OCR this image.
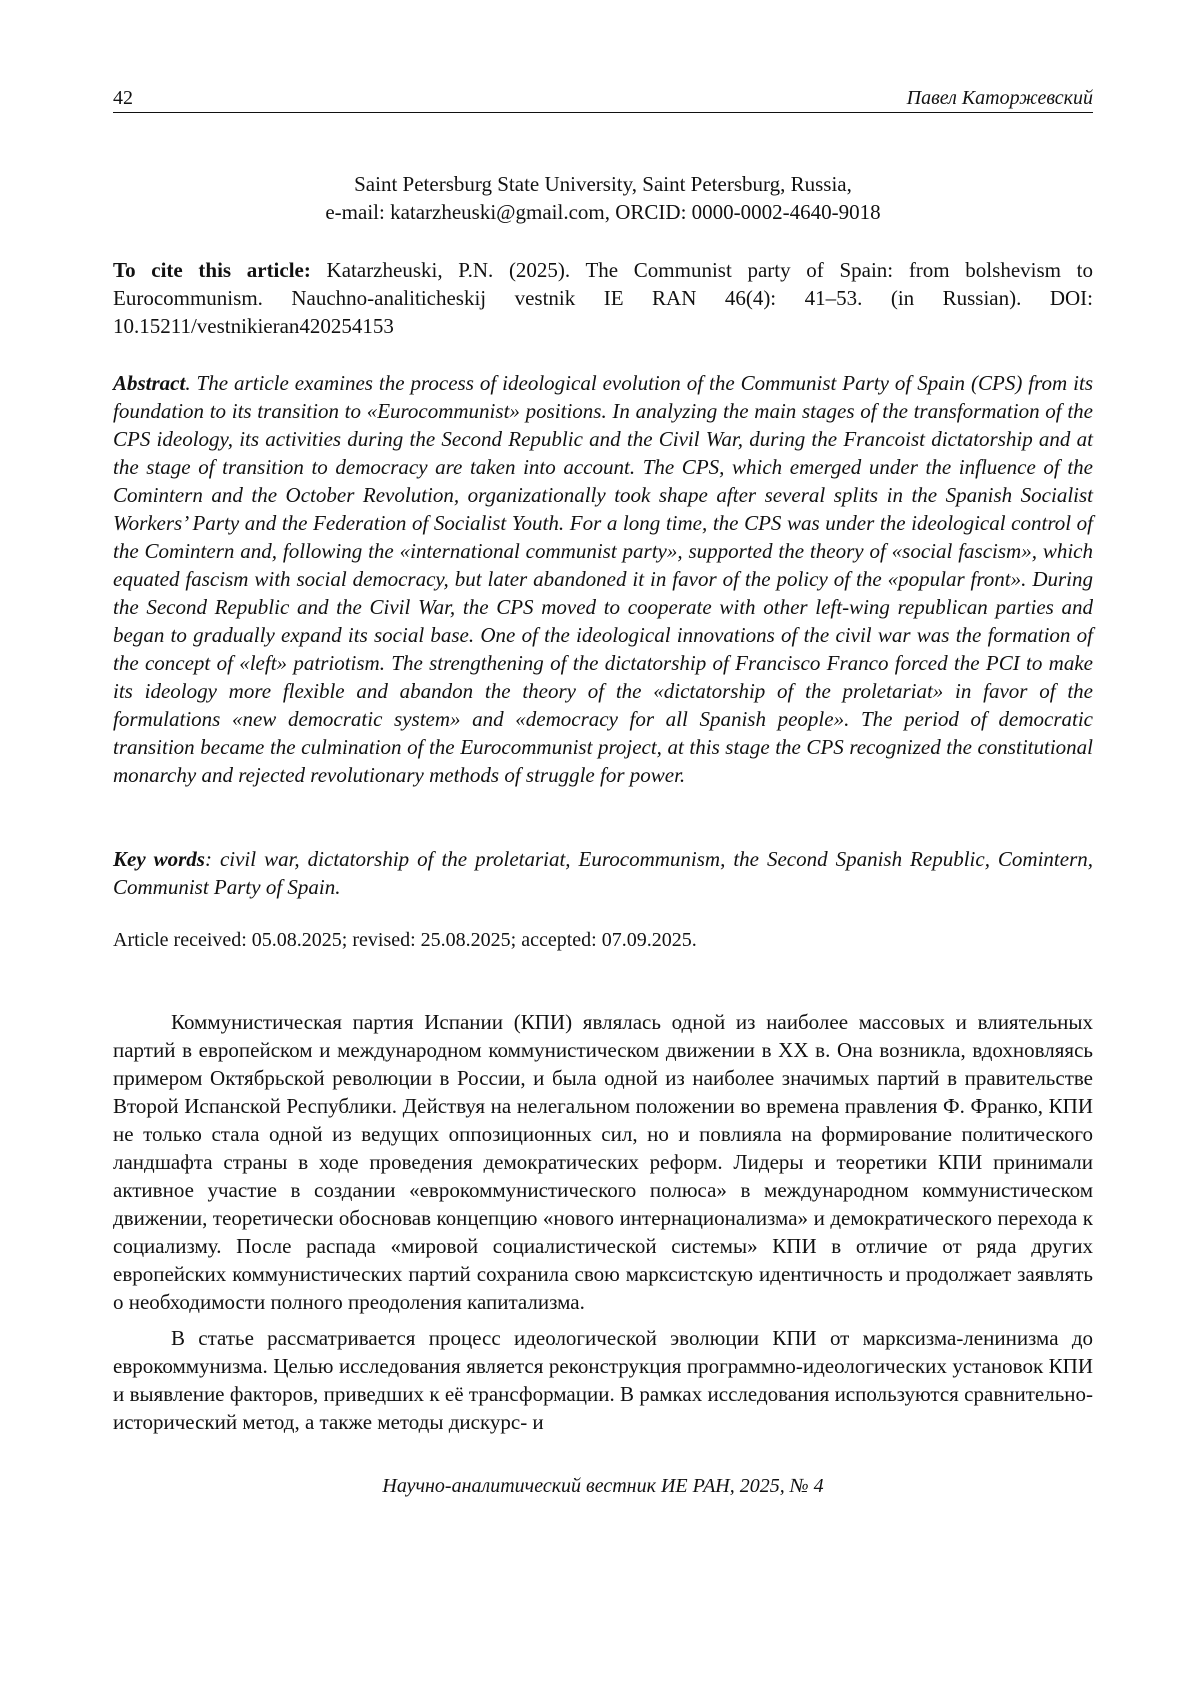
42	Павел Каторжевский
Saint Petersburg State University, Saint Petersburg, Russia,
e-mail: katarzheuski@gmail.com, ORCID: 0000-0002-4640-9018
To cite this article: Katarzheuski, P.N. (2025). The Communist party of Spain: from bolshevism to Eurocommunism. Nauchno-analiticheskij vestnik IE RAN 46(4): 41–53. (in Russian). DOI: 10.15211/vestnikieran420254153
Abstract. The article examines the process of ideological evolution of the Communist Party of Spain (CPS) from its foundation to its transition to «Eurocommunist» positions. In analyzing the main stages of the transformation of the CPS ideology, its activities during the Second Republic and the Civil War, during the Francoist dictatorship and at the stage of transition to democracy are taken into account. The CPS, which emerged under the influence of the Comintern and the October Revolution, organizationally took shape after several splits in the Spanish Socialist Workers’ Party and the Federation of Socialist Youth. For a long time, the CPS was under the ideological control of the Comintern and, following the «international communist party», supported the theory of «social fascism», which equated fascism with social democracy, but later abandoned it in favor of the policy of the «popular front». During the Second Republic and the Civil War, the CPS moved to cooperate with other left-wing republican parties and began to gradually expand its social base. One of the ideological innovations of the civil war was the formation of the concept of «left» patriotism. The strengthening of the dictatorship of Francisco Franco forced the PCI to make its ideology more flexible and abandon the theory of the «dictatorship of the proletariat» in favor of the formulations «new democratic system» and «democracy for all Spanish people». The period of democratic transition became the culmination of the Eurocommunist project, at this stage the CPS recognized the constitutional monarchy and rejected revolutionary methods of struggle for power.
Key words: civil war, dictatorship of the proletariat, Eurocommunism, the Second Spanish Republic, Comintern, Communist Party of Spain.
Article received: 05.08.2025; revised: 25.08.2025; accepted: 07.09.2025.

Коммунистическая партия Испании (КПИ) являлась одной из наиболее массовых и влиятельных партий в европейском и международном коммунистическом движении в XX в. Она возникла, вдохновляясь примером Октябрьской революции в России, и была одной из наиболее значимых партий в правительстве Второй Испанской Республики. Действуя на нелегальном положении во времена правления Ф. Франко, КПИ не только стала одной из ведущих оппозиционных сил, но и повлияла на формирование политического ландшафта страны в ходе проведения демократических реформ. Лидеры и теоретики КПИ принимали активное участие в создании «еврокоммунистического полюса» в международном коммунистическом движении, теоретически обосновав концепцию «нового интернационализма» и демократического перехода к социализму. После распада «мировой социалистической системы» КПИ в отличие от ряда других европейских коммунистических партий сохранила свою марксистскую идентичность и продолжает заявлять о необходимости полного преодоления капитализма.

В статье рассматривается процесс идеологической эволюции КПИ от марксизма-ленинизма до еврокоммунизма. Целью исследования является реконструкция программно-идеологических установок КПИ и выявление факторов, приведших к её трансформации. В рамках исследования используются сравнительно-исторический метод, а также методы дискурс- и

Научно-аналитический вестник ИЕ РАН, 2025, № 4
